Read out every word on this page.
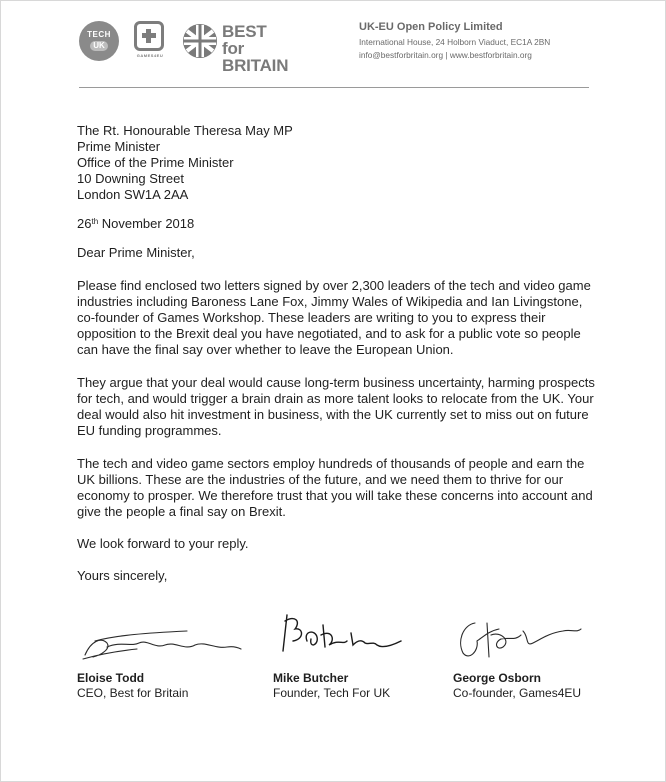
TECH
UK
GAMES4EU
BEST for
BRITAIN
UK-EU Open Policy Limited
International House, 24 Holborn Viaduct, EC1A 2BN
info@bestforbritain.org | www.bestforbritain.org
The Rt. Honourable Theresa May MP
Prime Minister
Office of the Prime Minister
10 Downing Street
London SW1A 2AA
26th November 2018
Dear Prime Minister,
Please find enclosed two letters signed by over 2,300 leaders of the tech and video game industries including Baroness Lane Fox, Jimmy Wales of Wikipedia and Ian Livingstone, co-founder of Games Workshop. These leaders are writing to you to express their opposition to the Brexit deal you have negotiated, and to ask for a public vote so people can have the final say over whether to leave the European Union.
They argue that your deal would cause long-term business uncertainty, harming prospects for tech, and would trigger a brain drain as more talent looks to relocate from the UK. Your deal would also hit investment in business, with the UK currently set to miss out on future EU funding programmes.
The tech and video game sectors employ hundreds of thousands of people and earn the UK billions. These are the industries of the future, and we need them to thrive for our economy to prosper. We therefore trust that you will take these concerns into account and give the people a final say on Brexit.
We look forward to your reply.
Yours sincerely,
Eloise Todd
CEO, Best for Britain
Mike Butcher
Founder, Tech For UK
George Osborn
Co-founder, Games4EU
